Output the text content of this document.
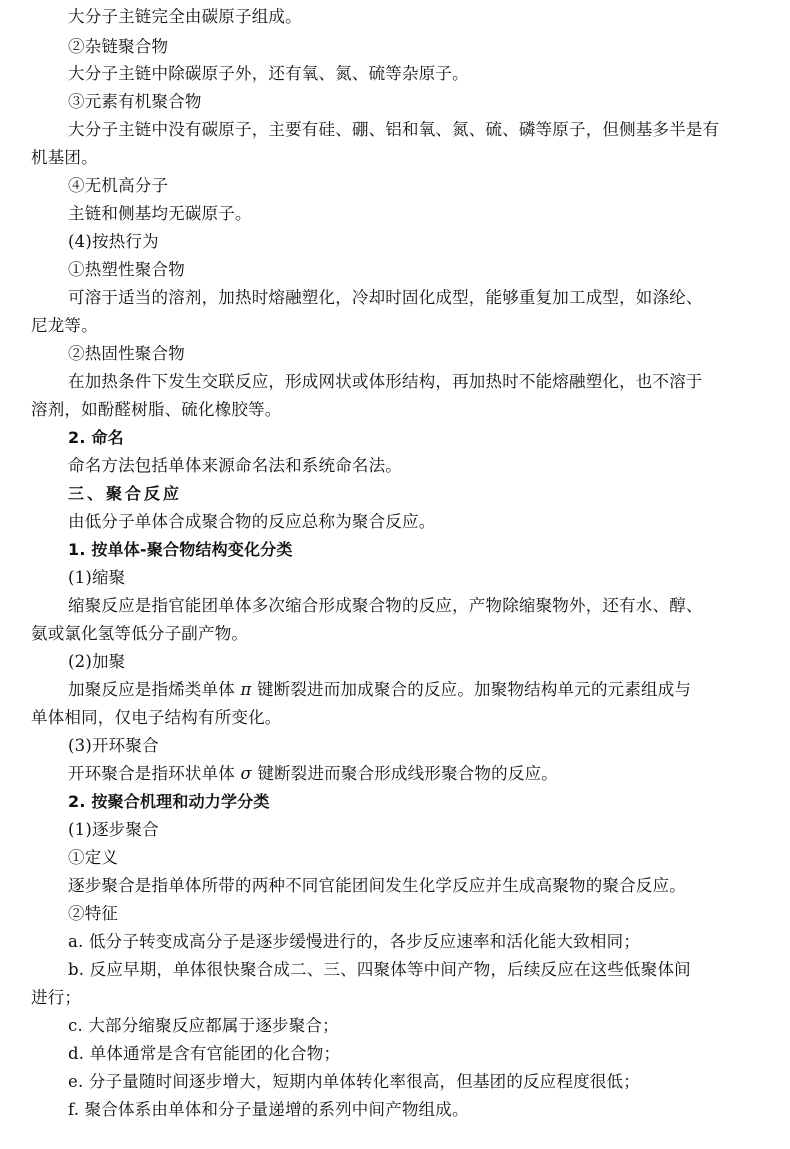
大分子主链完全由碳原子组成。
②杂链聚合物
大分子主链中除碳原子外，还有氧、氮、硫等杂原子。
③元素有机聚合物
大分子主链中没有碳原子，主要有硅、硼、铝和氧、氮、硫、磷等原子，但侧基多半是有
机基团。
④无机高分子
主链和侧基均无碳原子。
(4)按热行为
①热塑性聚合物
可溶于适当的溶剂，加热时熔融塑化，冷却时固化成型，能够重复加工成型，如涤纶、
尼龙等。
②热固性聚合物
在加热条件下发生交联反应，形成网状或体形结构，再加热时不能熔融塑化，也不溶于
溶剂，如酚醛树脂、硫化橡胶等。
2. 命名
命名方法包括单体来源命名法和系统命名法。
三、聚合反应
由低分子单体合成聚合物的反应总称为聚合反应。
1. 按单体-聚合物结构变化分类
(1)缩聚
缩聚反应是指官能团单体多次缩合形成聚合物的反应，产物除缩聚物外，还有水、醇、
氨或氯化氢等低分子副产物。
(2)加聚
加聚反应是指烯类单体 π 键断裂进而加成聚合的反应。加聚物结构单元的元素组成与
单体相同，仅电子结构有所变化。
(3)开环聚合
开环聚合是指环状单体 σ 键断裂进而聚合形成线形聚合物的反应。
2. 按聚合机理和动力学分类
(1)逐步聚合
①定义
逐步聚合是指单体所带的两种不同官能团间发生化学反应并生成高聚物的聚合反应。
②特征
a. 低分子转变成高分子是逐步缓慢进行的，各步反应速率和活化能大致相同；
b. 反应早期，单体很快聚合成二、三、四聚体等中间产物，后续反应在这些低聚体间
进行；
c. 大部分缩聚反应都属于逐步聚合；
d. 单体通常是含有官能团的化合物；
e. 分子量随时间逐步增大，短期内单体转化率很高，但基团的反应程度很低；
f. 聚合体系由单体和分子量递增的系列中间产物组成。
